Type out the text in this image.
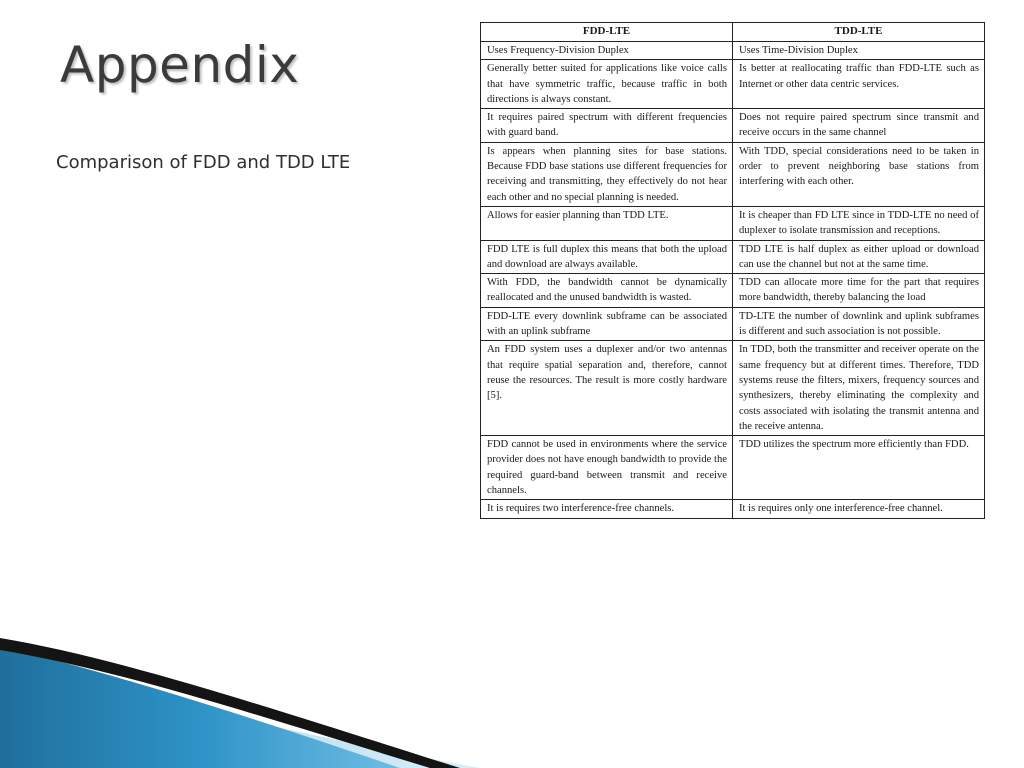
Appendix
Comparison of FDD and TDD LTE
FDD-LTE	TDD-LTE
Uses Frequency-Division Duplex	Uses Time-Division Duplex
Generally better suited for applications like voice calls that have symmetric traffic, because traffic in both directions is always constant.	Is better at reallocating traffic than FDD-LTE such as Internet or other data centric services.
It requires paired spectrum with different frequencies with guard band.	Does not require paired spectrum since transmit and receive occurs in the same channel
Is appears when planning sites for base stations. Because FDD base stations use different frequencies for receiving and transmitting, they effectively do not hear each other and no special planning is needed.	With TDD, special considerations need to be taken in order to prevent neighboring base stations from interfering with each other.
Allows for easier planning than TDD LTE.	It is cheaper than FD LTE since in TDD-LTE no need of duplexer to isolate transmission and receptions.
FDD LTE is full duplex this means that both the upload and download are always available.	TDD LTE is half duplex as either upload or download can use the channel but not at the same time.
With FDD, the bandwidth cannot be dynamically reallocated and the unused bandwidth is wasted.	TDD can allocate more time for the part that requires more bandwidth, thereby balancing the load
FDD-LTE every downlink subframe can be associated with an uplink subframe	TD-LTE the number of downlink and uplink subframes is different and such association is not possible.
An FDD system uses a duplexer and/or two antennas that require spatial separation and, therefore, cannot reuse the resources. The result is more costly hardware [5].	In TDD, both the transmitter and receiver operate on the same frequency but at different times. Therefore, TDD systems reuse the filters, mixers, frequency sources and synthesizers, thereby eliminating the complexity and costs associated with isolating the transmit antenna and the receive antenna.
FDD cannot be used in environments where the service provider does not have enough bandwidth to provide the required guard-band between transmit and receive channels.	TDD utilizes the spectrum more efficiently than FDD.
It is requires two interference-free channels.	It is requires only one interference-free channel.
